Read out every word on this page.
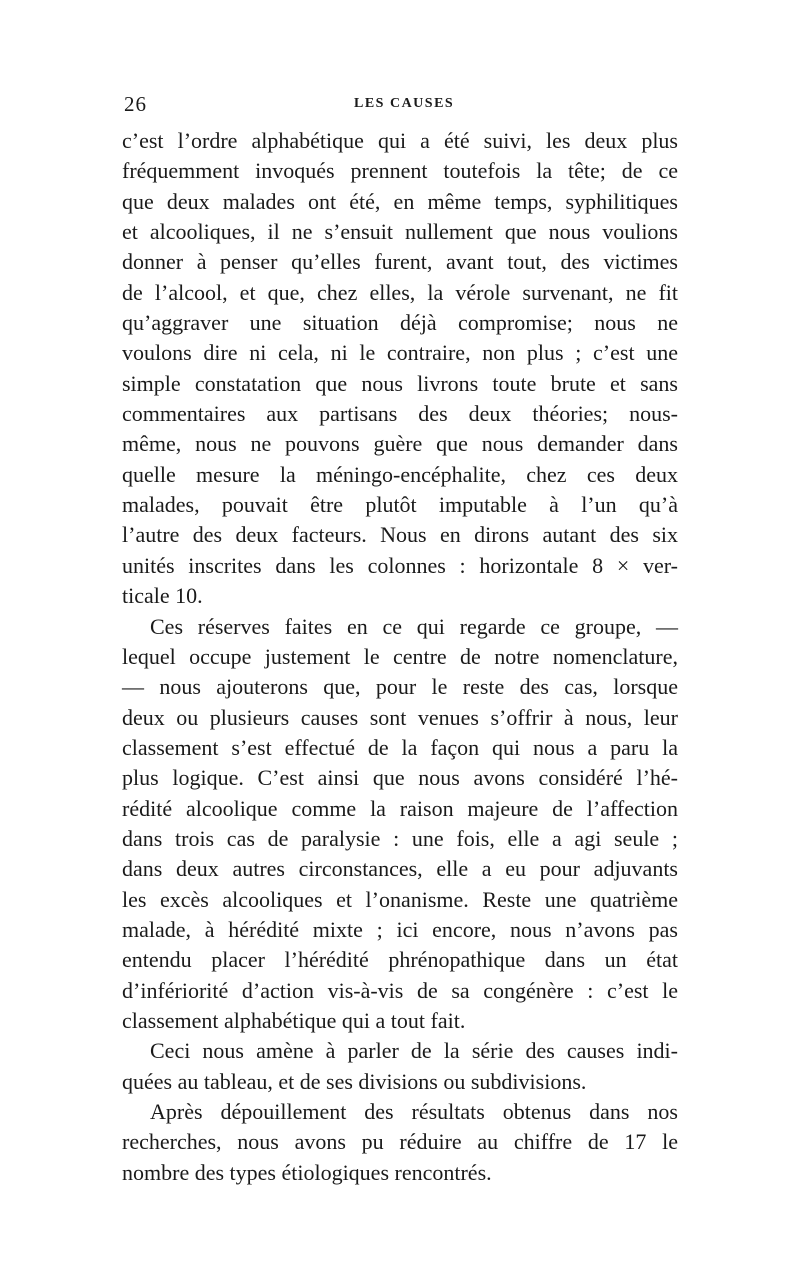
26	LES CAUSES
c’est l’ordre alphabétique qui a été suivi, les deux plus
fréquemment invoqués prennent toutefois la tête; de ce
que deux malades ont été, en même temps, syphilitiques
et alcooliques, il ne s’ensuit nullement que nous voulions
donner à penser qu’elles furent, avant tout, des victimes
de l’alcool, et que, chez elles, la vérole survenant, ne fit
qu’aggraver une situation déjà compromise; nous ne
voulons dire ni cela, ni le contraire, non plus ; c’est une
simple constatation que nous livrons toute brute et sans
commentaires aux partisans des deux théories; nous-
même, nous ne pouvons guère que nous demander dans
quelle mesure la méningo-encéphalite, chez ces deux
malades, pouvait être plutôt imputable à l’un qu’à
l’autre des deux facteurs. Nous en dirons autant des six
unités inscrites dans les colonnes : horizontale 8 × ver-
ticale 10.
Ces réserves faites en ce qui regarde ce groupe, —
lequel occupe justement le centre de notre nomenclature,
— nous ajouterons que, pour le reste des cas, lorsque
deux ou plusieurs causes sont venues s’offrir à nous, leur
classement s’est effectué de la façon qui nous a paru la
plus logique. C’est ainsi que nous avons considéré l’hé-
rédité alcoolique comme la raison majeure de l’affection
dans trois cas de paralysie : une fois, elle a agi seule ;
dans deux autres circonstances, elle a eu pour adjuvants
les excès alcooliques et l’onanisme. Reste une quatrième
malade, à hérédité mixte ; ici encore, nous n’avons pas
entendu placer l’hérédité phrénopathique dans un état
d’infériorité d’action vis-à-vis de sa congénère : c’est le
classement alphabétique qui a tout fait.
Ceci nous amène à parler de la série des causes indi-
quées au tableau, et de ses divisions ou subdivisions.
Après dépouillement des résultats obtenus dans nos
recherches, nous avons pu réduire au chiffre de 17 le
nombre des types étiologiques rencontrés.
